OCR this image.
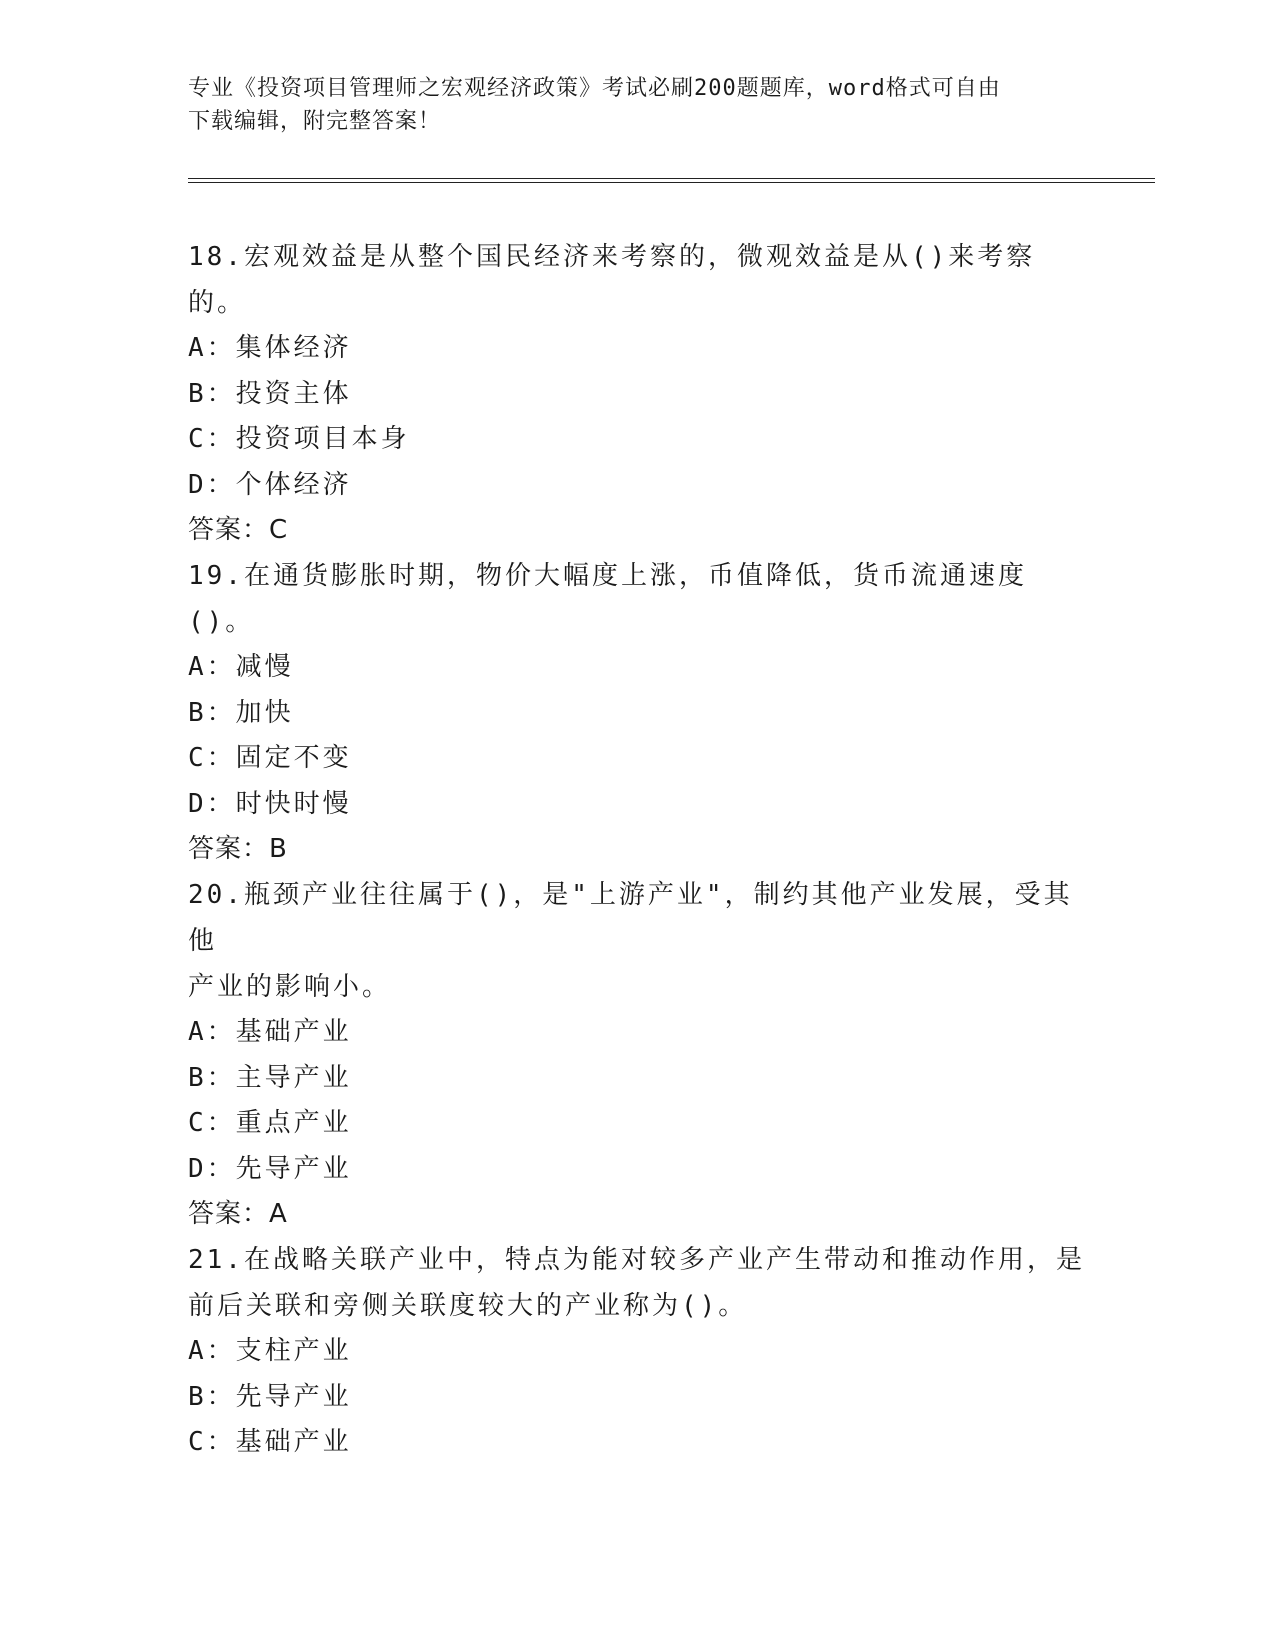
专业《投资项目管理师之宏观经济政策》考试必刷200题题库，word格式可自由
下载编辑，附完整答案！

18.宏观效益是从整个国民经济来考察的，微观效益是从()来考察的。

A：集体经济

B：投资主体

C：投资项目本身

D：个体经济

答案：C

19.在通货膨胀时期，物价大幅度上涨，币值降低，货币流通速度()。

A：减慢

B：加快

C：固定不变

D：时快时慢

答案：B

20.瓶颈产业往往属于()，是"上游产业"，制约其他产业发展，受其他

产业的影响小。

A：基础产业

B：主导产业

C：重点产业

D：先导产业

答案：A

21.在战略关联产业中，特点为能对较多产业产生带动和推动作用，是

前后关联和旁侧关联度较大的产业称为()。

A：支柱产业

B：先导产业

C：基础产业
